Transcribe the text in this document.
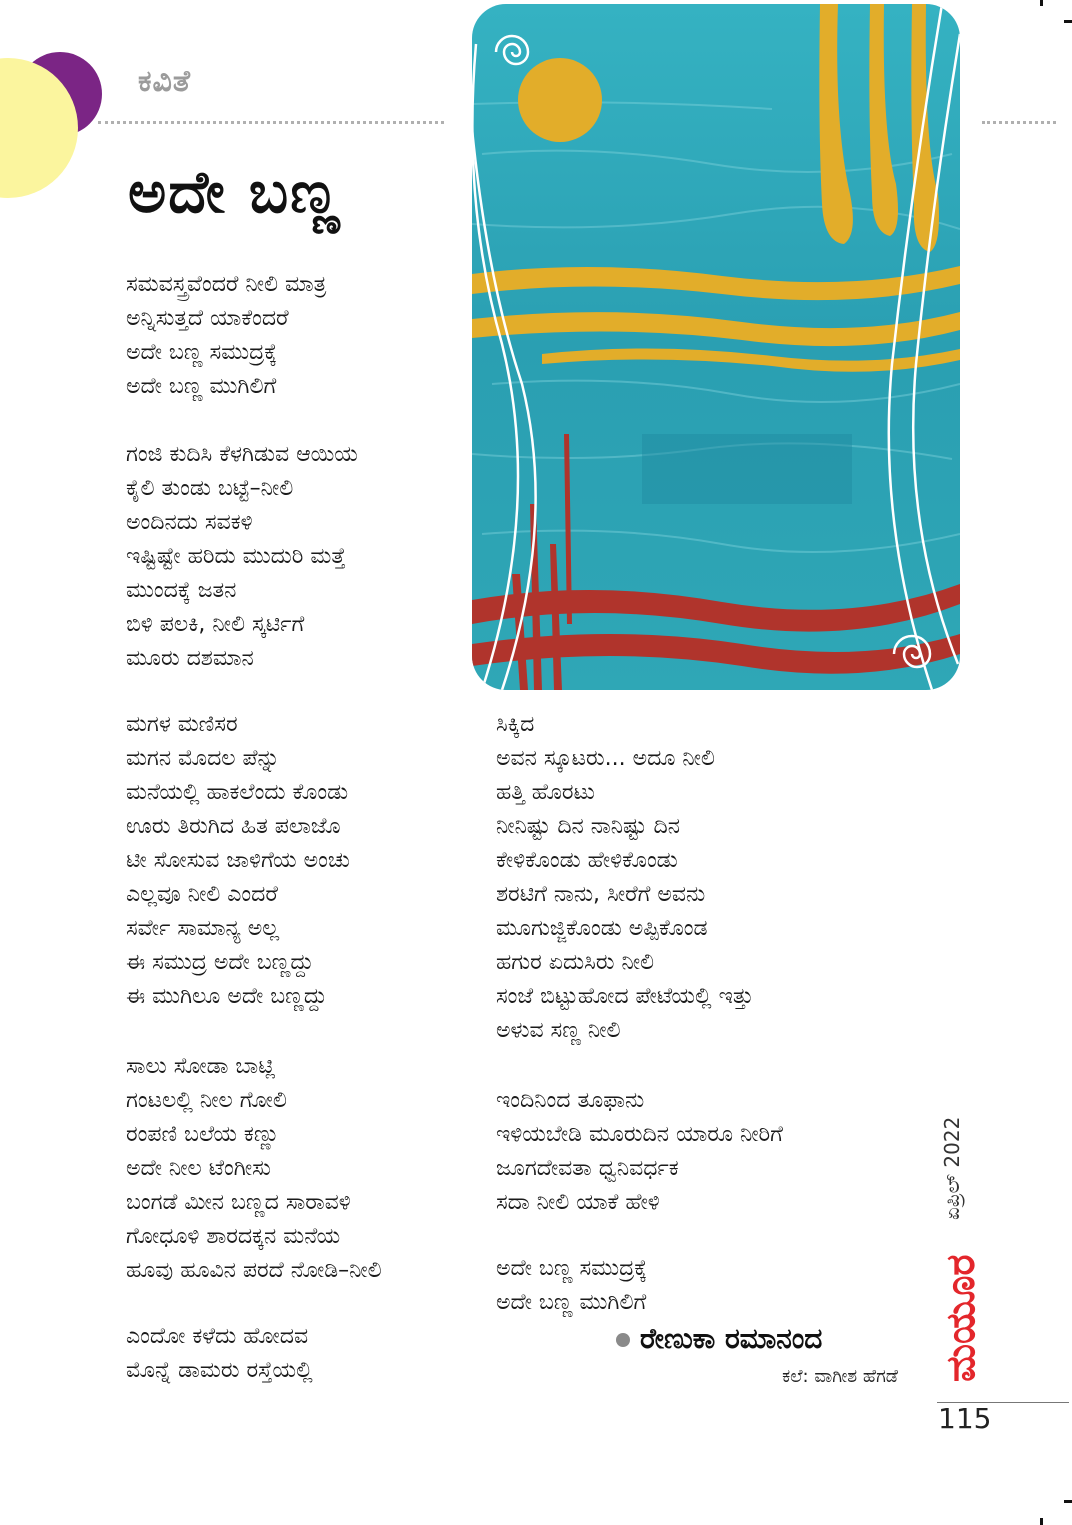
ಕವಿತೆ
ಅದೇ ಬಣ್ಣ
ಸಮವಸ್ತ್ರವೆಂದರೆ ನೀಲಿ ಮಾತ್ರ
ಅನ್ನಿಸುತ್ತದೆ ಯಾಕೆಂದರೆ
ಅದೇ ಬಣ್ಣ ಸಮುದ್ರಕ್ಕೆ
ಅದೇ ಬಣ್ಣ ಮುಗಿಲಿಗೆ
ಗಂಜಿ ಕುದಿಸಿ ಕೆಳಗಿಡುವ ಆಯಿಯ
ಕೈಲಿ ತುಂಡು ಬಟ್ಟೆ–ನೀಲಿ
ಅಂದಿನದು ಸವಕಳಿ
ಇಷ್ಟಿಷ್ಟೇ ಹರಿದು ಮುದುರಿ ಮತ್ತೆ
ಮುಂದಕ್ಕೆ ಜತನ
ಬಿಳಿ ಪಲಕಿ, ನೀಲಿ ಸ್ಕರ್ಟಿಗೆ
ಮೂರು ದಶಮಾನ
ಮಗಳ ಮಣಿಸರ
ಮಗನ ಮೊದಲ ಪೆನ್ನು
ಮನೆಯಲ್ಲಿ ಹಾಕಲೆಂದು ಕೊಂಡು
ಊರು ತಿರುಗಿದ ಹಿತ ಪಲಾಜೊ
ಟೀ ಸೋಸುವ ಜಾಳಿಗೆಯ ಅಂಚು
ಎಲ್ಲವೂ ನೀಲಿ ಎಂದರೆ
ಸರ್ವೇ ಸಾಮಾನ್ಯ ಅಲ್ಲ
ಈ ಸಮುದ್ರ ಅದೇ ಬಣ್ಣದ್ದು
ಈ ಮುಗಿಲೂ ಅದೇ ಬಣ್ಣದ್ದು
ಸಾಲು ಸೋಡಾ ಬಾಟ್ಲಿ
ಗಂಟಲಲ್ಲಿ ನೀಲ ಗೋಲಿ
ರಂಪಣಿ ಬಲೆಯ ಕಣ್ಣು
ಅದೇ ನೀಲ ಟೆಂಗೀಸು
ಬಂಗಡೆ ಮೀನ ಬಣ್ಣದ ಸಾರಾವಳಿ
ಗೋಧೂಳಿ ಶಾರದಕ್ಕನ ಮನೆಯ
ಹೂವು ಹೂವಿನ ಪರದೆ ನೋಡಿ–ನೀಲಿ
ಎಂದೋ ಕಳೆದು ಹೋದವ
ಮೊನ್ನೆ ಡಾಮರು ರಸ್ತೆಯಲ್ಲಿ
ಸಿಕ್ಕಿದ
ಅವನ ಸ್ಕೂಟರು... ಅದೂ ನೀಲಿ
ಹತ್ತಿ ಹೊರಟು
ನೀನಿಷ್ಟು ದಿನ ನಾನಿಷ್ಟು ದಿನ
ಕೇಳಿಕೊಂಡು ಹೇಳಿಕೊಂಡು
ಶರಟಿಗೆ ನಾನು, ಸೀರೆಗೆ ಅವನು
ಮೂಗುಜ್ಜಿಕೊಂಡು ಅಪ್ಪಿಕೊಂಡ
ಹಗುರ ಏದುಸಿರು ನೀಲಿ
ಸಂಜೆ ಬಿಟ್ಟುಹೋದ ಪೇಟೆಯಲ್ಲಿ ಇತ್ತು
ಅಳುವ ಸಣ್ಣ ನೀಲಿ
ಇಂದಿನಿಂದ ತೂಫಾನು
ಇಳಿಯಬೇಡಿ ಮೂರುದಿನ ಯಾರೂ ನೀರಿಗೆ
ಜೂಗದೇವತಾ ಧ್ವನಿವರ್ಧಕ
ಸದಾ ನೀಲಿ ಯಾಕೆ ಹೇಳಿ
ಅದೇ ಬಣ್ಣ ಸಮುದ್ರಕ್ಕೆ
ಅದೇ ಬಣ್ಣ ಮುಗಿಲಿಗೆ
ರೇಣುಕಾ ರಮಾನಂದ
ಕಲೆ: ವಾಗೀಶ ಹೆಗಡೆ
ಏಪ್ರಿಲ್ 2022
ಮಯೂರ
115
